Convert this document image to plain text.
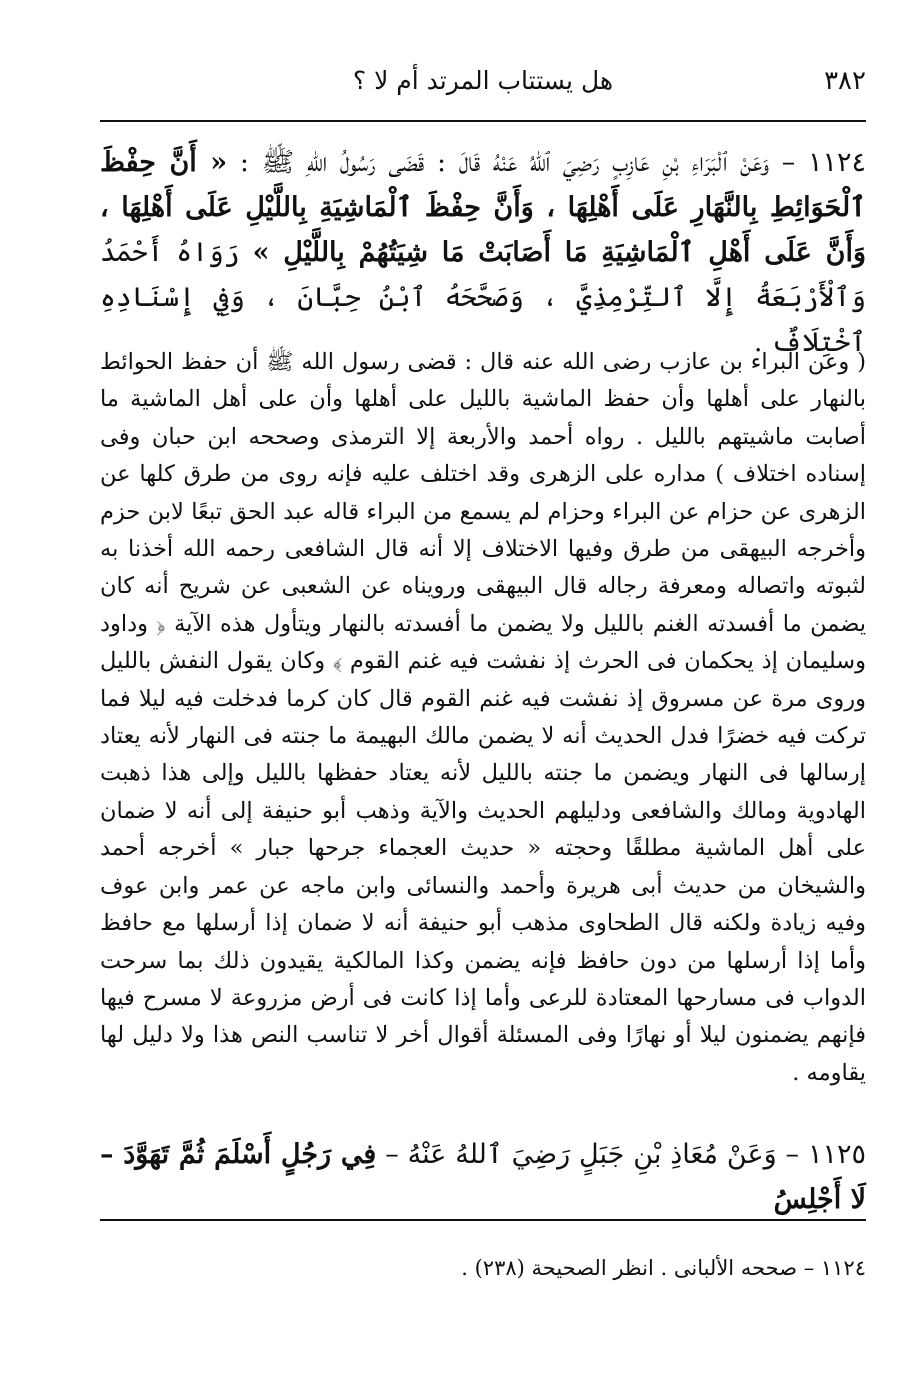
٣٨٢
هل يستتاب المرتد أم لا ؟
١١٢٤ – وَعَنْ ٱلْبَرَاءِ بْنِ عَازِبٍ رَضِيَ ٱللهُ عَنْهُ قَالَ : قَضَى رَسُولُ اللهِ ﷺ : « أَنَّ حِفْظَ ٱلْحَوَائِطِ بِالنَّهَارِ عَلَى أَهْلِهَا ، وَأَنَّ حِفْظَ ٱلْمَاشِيَةِ بِاللَّيْلِ عَلَى أَهْلِهَا ، وَأَنَّ عَلَى أَهْلِ ٱلْمَاشِيَةِ مَا أَصَابَتْ مَا شِيَتُهُمْ بِاللَّيْلِ » رَوَاهُ أَحْمَدُ وَٱلْأَرْبَعَةُ إِلَّا ٱلتِّرْمِذِيَّ ، وَصَحَّحَهُ ٱبْنُ حِبَّانَ ، وَفِي إِسْنَادِهِ ٱخْتِلَافٌ .
( وعن البراء بن عازب رضى الله عنه قال : قضى رسول الله ﷺ أن حفظ الحوائط بالنهار على أهلها وأن حفظ الماشية بالليل على أهلها وأن على أهل الماشية ما أصابت ماشيتهم بالليل . رواه أحمد والأربعة إلا الترمذى وصححه ابن حبان وفى إسناده اختلاف ) مداره على الزهرى وقد اختلف عليه فإنه روى من طرق كلها عن الزهرى عن حزام عن البراء وحزام لم يسمع من البراء قاله عبد الحق تبعًا لابن حزم وأخرجه البيهقى من طرق وفيها الاختلاف إلا أنه قال الشافعى رحمه الله أخذنا به لثبوته واتصاله ومعرفة رجاله قال البيهقى ورويناه عن الشعبى عن شريح أنه كان يضمن ما أفسدته الغنم بالليل ولا يضمن ما أفسدته بالنهار ويتأول هذه الآية ﴿ وداود وسليمان إذ يحكمان فى الحرث إذ نفشت فيه غنم القوم ﴾ وكان يقول النفش بالليل وروى مرة عن مسروق إذ نفشت فيه غنم القوم قال كان كرما فدخلت فيه ليلا فما تركت فيه خضرًا فدل الحديث أنه لا يضمن مالك البهيمة ما جنته فى النهار لأنه يعتاد إرسالها فى النهار ويضمن ما جنته بالليل لأنه يعتاد حفظها بالليل وإلى هذا ذهبت الهادوية ومالك والشافعى ودليلهم الحديث والآية وذهب أبو حنيفة إلى أنه لا ضمان على أهل الماشية مطلقًا وحجته « حديث العجماء جرحها جبار » أخرجه أحمد والشيخان من حديث أبى هريرة وأحمد والنسائى وابن ماجه عن عمر وابن عوف وفيه زيادة ولكنه قال الطحاوى مذهب أبو حنيفة أنه لا ضمان إذا أرسلها مع حافظ وأما إذا أرسلها من دون حافظ فإنه يضمن وكذا المالكية يقيدون ذلك بما سرحت الدواب فى مسارحها المعتادة للرعى وأما إذا كانت فى أرض مزروعة لا مسرح فيها فإنهم يضمنون ليلا أو نهارًا وفى المسئلة أقوال أخر لا تناسب النص هذا ولا دليل لها يقاومه .
١١٢٥ – وَعَنْ مُعَاذِ بْنِ جَبَلٍ رَضِيَ ٱللهُ عَنْهُ – فِي رَجُلٍ أَسْلَمَ ثُمَّ تَهَوَّدَ – لَا أَجْلِسُ
١١٢٤ – صححه الألبانى . انظر الصحيحة (٢٣٨) .
